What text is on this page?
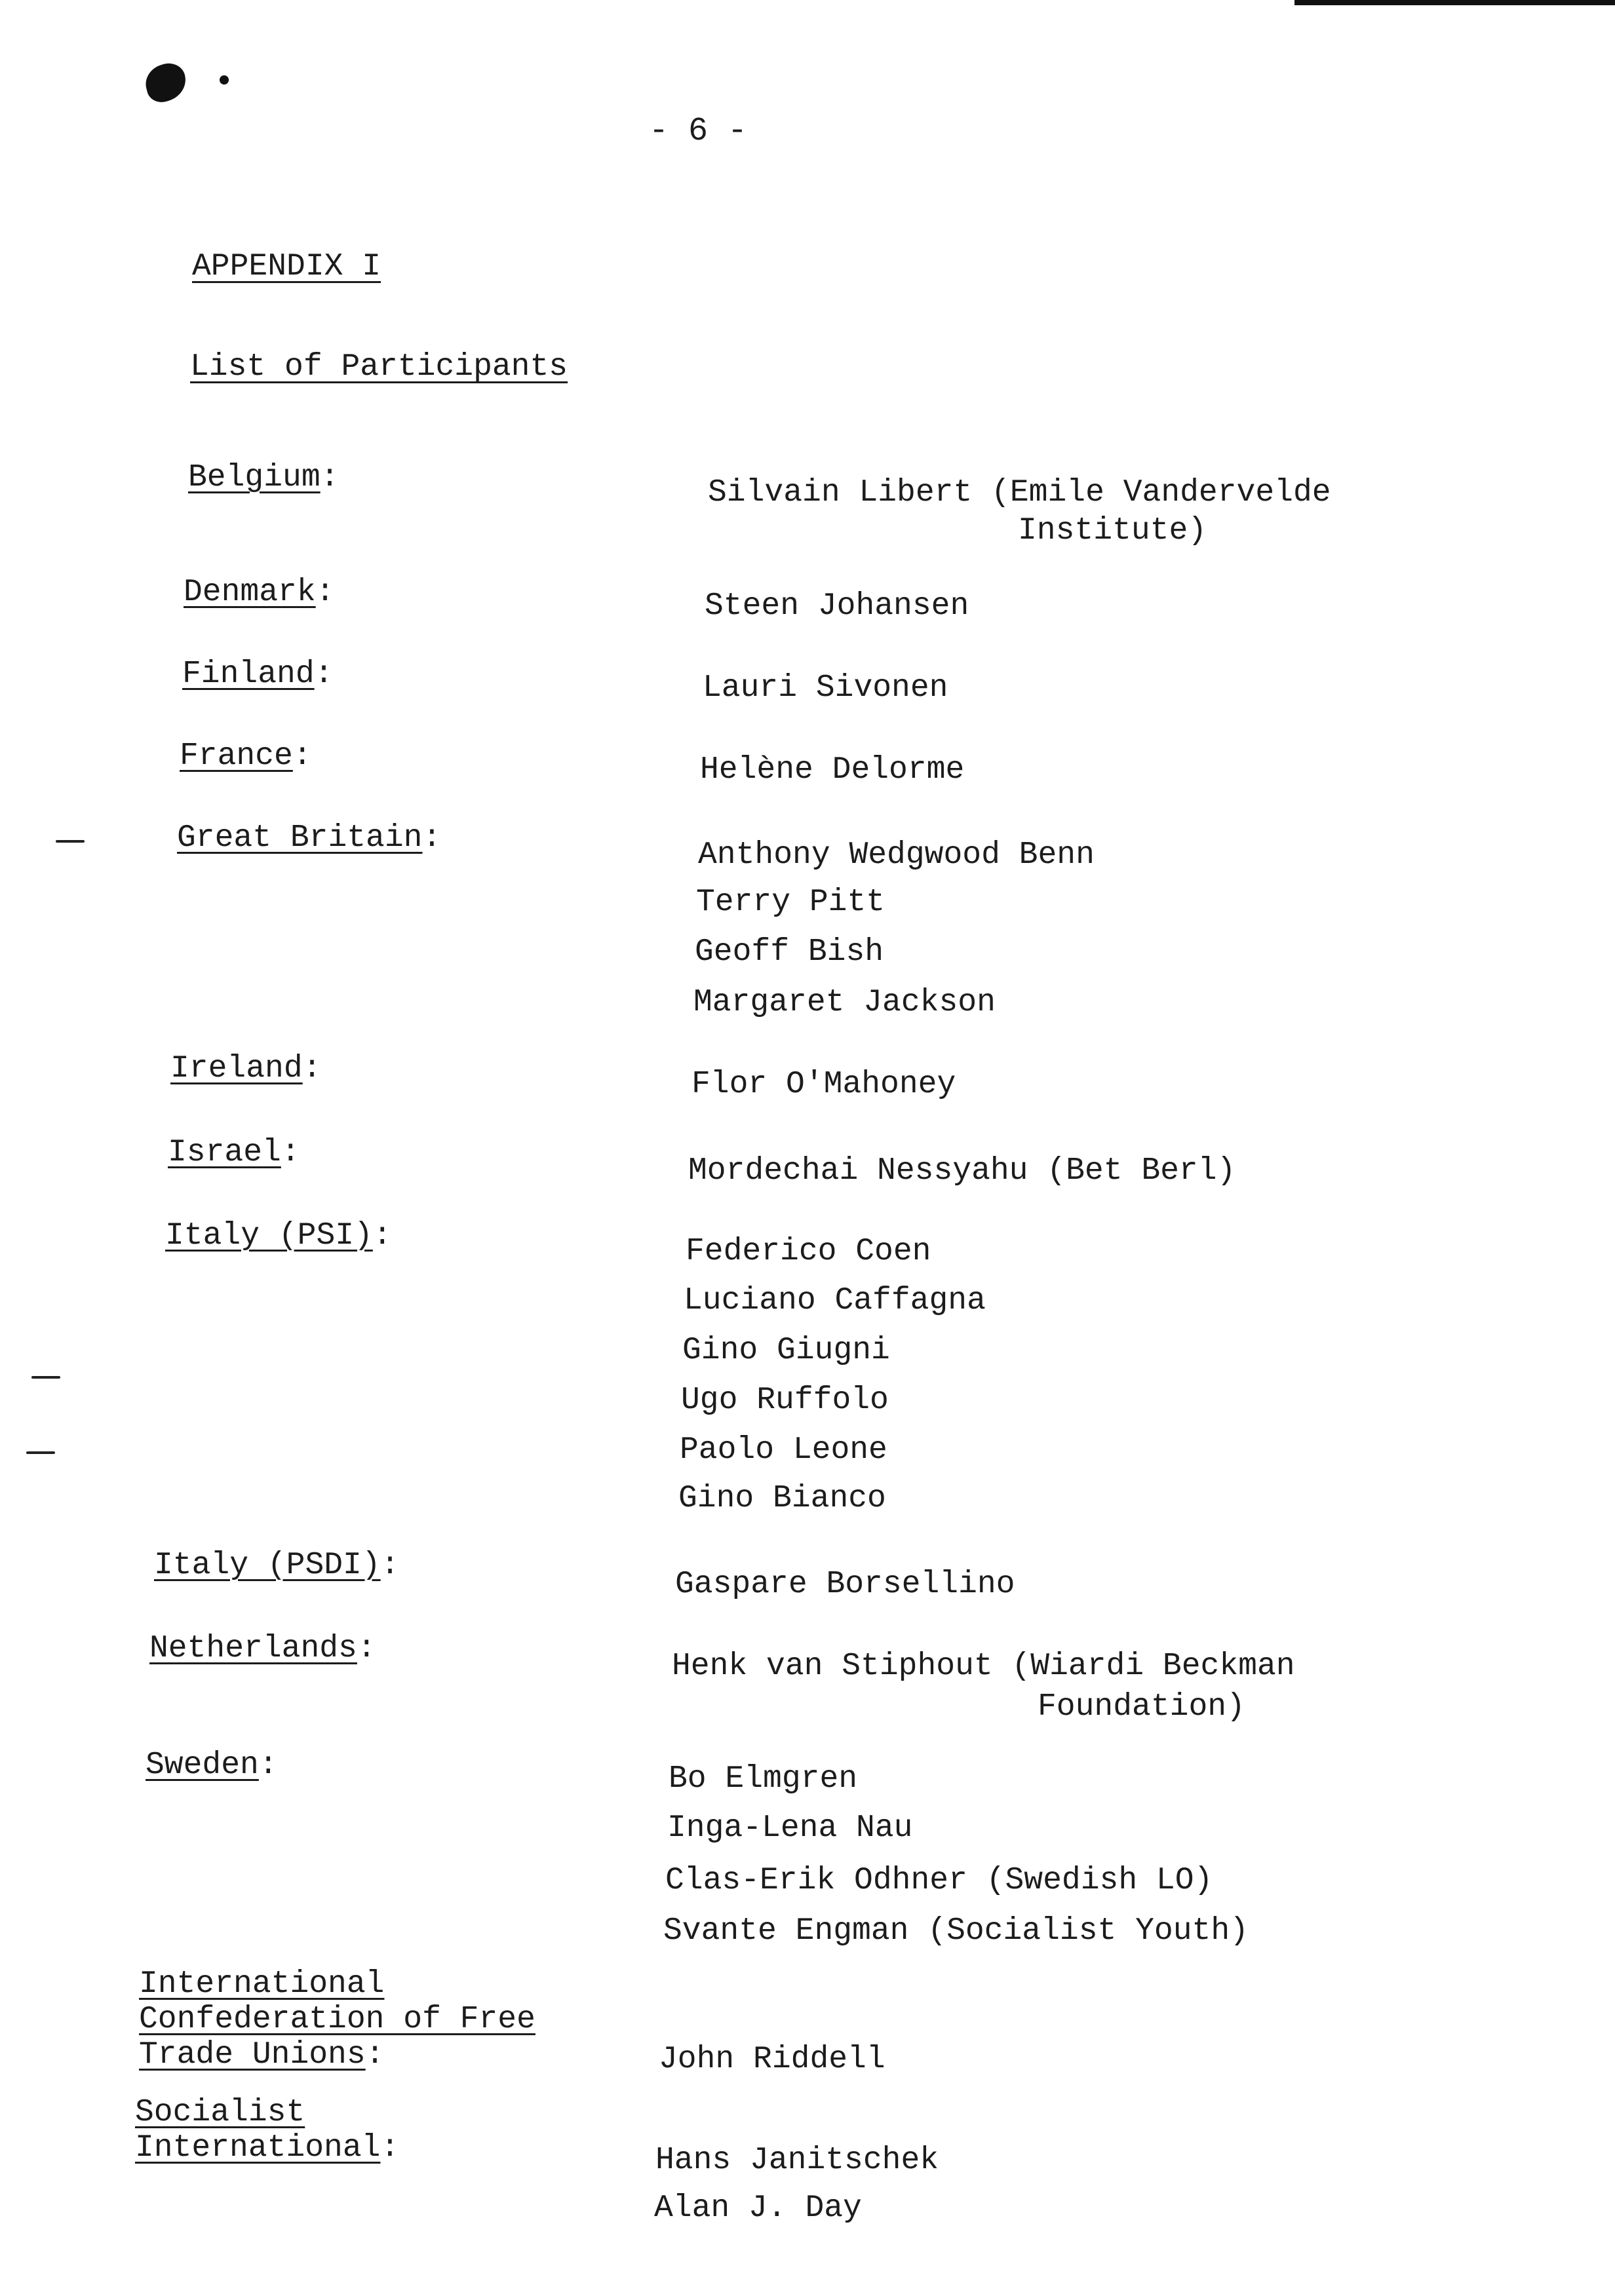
- 6 -
APPENDIX I
List of Participants
Belgium:	Silvain Libert (Emile Vandervelde
Institute)
Denmark:	Steen Johansen
Finland:	Lauri Sivonen
France:	Helène Delorme
Great Britain:	Anthony Wedgwood Benn
Terry Pitt
Geoff Bish
Margaret Jackson
Ireland:	Flor O'Mahoney
Israel:
Mordechai Nessyahu (Bet Berl)
Italy (PSI):	Federico Coen
Luciano Caffagna
Gino Giugni
Ugo Ruffolo
Paolo Leone
Gino Bianco
Italy (PSDI):
Gaspare Borsellino
Netherlands:	Henk van Stiphout (Wiardi Beckman
Foundation)
Sweden:	Bo Elmgren
Inga-Lena Nau
Clas-Erik Odhner (Swedish LO)
Svante Engman (Socialist Youth)
International
Confederation of Free
Trade Unions:	John Riddell
Socialist
International:	Hans Janitschek
Alan J. Day
